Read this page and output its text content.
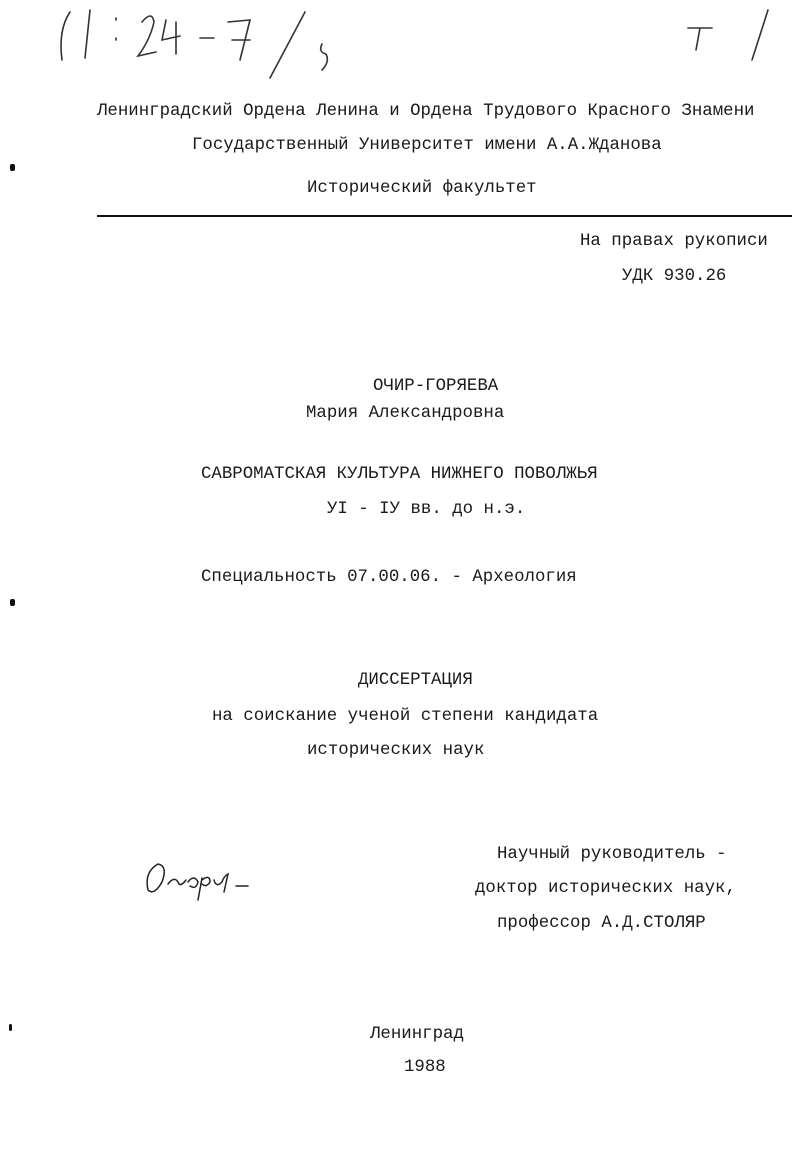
Ленинградский Ордена Ленина и Ордена Трудового Красного Знамени
Государственный Университет имени А.А.Жданова
Исторический факультет
На правах рукописи
УДК 930.26
ОЧИР-ГОРЯЕВА
Мария Александровна
САВРОМАТСКАЯ КУЛЬТУРА НИЖНЕГО ПОВОЛЖЬЯ
УI - IУ вв. до н.э.
Специальность 07.00.06. - Археология
ДИССЕРТАЦИЯ
на соискание ученой степени кандидата
исторических наук
Научный руководитель -
доктор исторических наук,
профессор А.Д.СТОЛЯР
Ленинград
1988
